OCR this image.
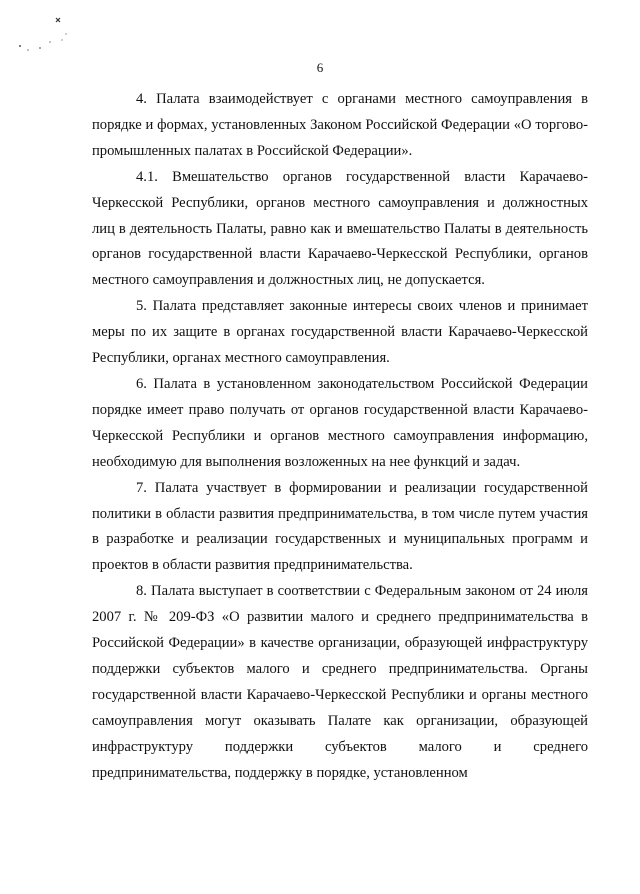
6

4. Палата взаимодействует с органами местного самоуправления в порядке и формах, установленных Законом Российской Федерации «О торгово-промышленных палатах в Российской Федерации».

4.1. Вмешательство органов государственной власти Карачаево-Черкесской Республики, органов местного самоуправления и должностных лиц в деятельность Палаты, равно как и вмешательство Палаты в деятельность органов государственной власти Карачаево-Черкесской Республики, органов местного самоуправления и должностных лиц, не допускается.

5. Палата представляет законные интересы своих членов и принимает меры по их защите в органах государственной власти Карачаево-Черкесской Республики, органах местного самоуправления.

6. Палата в установленном законодательством Российской Федерации порядке имеет право получать от органов государственной власти Карачаево-Черкесской Республики и органов местного самоуправления информацию, необходимую для выполнения возложенных на нее функций и задач.

7. Палата участвует в формировании и реализации государственной политики в области развития предпринимательства, в том числе путем участия в разработке и реализации государственных и муниципальных программ и проектов в области развития предпринимательства.

8. Палата выступает в соответствии с Федеральным законом от 24 июля 2007 г. № 209-ФЗ «О развитии малого и среднего предпринимательства в Российской Федерации» в качестве организации, образующей инфраструктуру поддержки субъектов малого и среднего предпринимательства. Органы государственной власти Карачаево-Черкесской Республики и органы местного самоуправления могут оказывать Палате как организации, образующей инфраструктуру поддержки субъектов малого и среднего предпринимательства, поддержку в порядке, установленном
